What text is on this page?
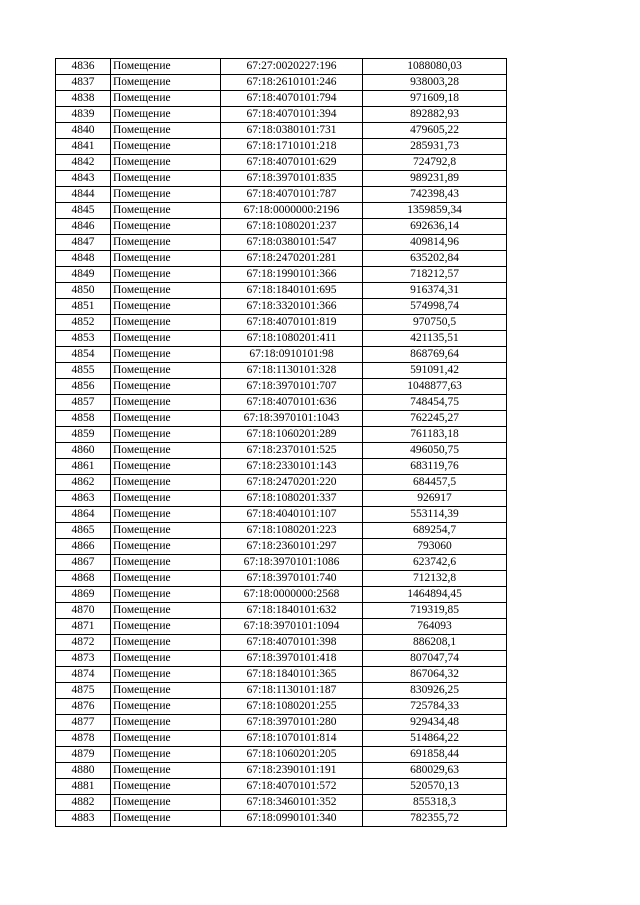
4836	Помещение	67:27:0020227:196	1088080,03
4837	Помещение	67:18:2610101:246	938003,28
4838	Помещение	67:18:4070101:794	971609,18
4839	Помещение	67:18:4070101:394	892882,93
4840	Помещение	67:18:0380101:731	479605,22
4841	Помещение	67:18:1710101:218	285931,73
4842	Помещение	67:18:4070101:629	724792,8
4843	Помещение	67:18:3970101:835	989231,89
4844	Помещение	67:18:4070101:787	742398,43
4845	Помещение	67:18:0000000:2196	1359859,34
4846	Помещение	67:18:1080201:237	692636,14
4847	Помещение	67:18:0380101:547	409814,96
4848	Помещение	67:18:2470201:281	635202,84
4849	Помещение	67:18:1990101:366	718212,57
4850	Помещение	67:18:1840101:695	916374,31
4851	Помещение	67:18:3320101:366	574998,74
4852	Помещение	67:18:4070101:819	970750,5
4853	Помещение	67:18:1080201:411	421135,51
4854	Помещение	67:18:0910101:98	868769,64
4855	Помещение	67:18:1130101:328	591091,42
4856	Помещение	67:18:3970101:707	1048877,63
4857	Помещение	67:18:4070101:636	748454,75
4858	Помещение	67:18:3970101:1043	762245,27
4859	Помещение	67:18:1060201:289	761183,18
4860	Помещение	67:18:2370101:525	496050,75
4861	Помещение	67:18:2330101:143	683119,76
4862	Помещение	67:18:2470201:220	684457,5
4863	Помещение	67:18:1080201:337	926917
4864	Помещение	67:18:4040101:107	553114,39
4865	Помещение	67:18:1080201:223	689254,7
4866	Помещение	67:18:2360101:297	793060
4867	Помещение	67:18:3970101:1086	623742,6
4868	Помещение	67:18:3970101:740	712132,8
4869	Помещение	67:18:0000000:2568	1464894,45
4870	Помещение	67:18:1840101:632	719319,85
4871	Помещение	67:18:3970101:1094	764093
4872	Помещение	67:18:4070101:398	886208,1
4873	Помещение	67:18:3970101:418	807047,74
4874	Помещение	67:18:1840101:365	867064,32
4875	Помещение	67:18:1130101:187	830926,25
4876	Помещение	67:18:1080201:255	725784,33
4877	Помещение	67:18:3970101:280	929434,48
4878	Помещение	67:18:1070101:814	514864,22
4879	Помещение	67:18:1060201:205	691858,44
4880	Помещение	67:18:2390101:191	680029,63
4881	Помещение	67:18:4070101:572	520570,13
4882	Помещение	67:18:3460101:352	855318,3
4883	Помещение	67:18:0990101:340	782355,72
